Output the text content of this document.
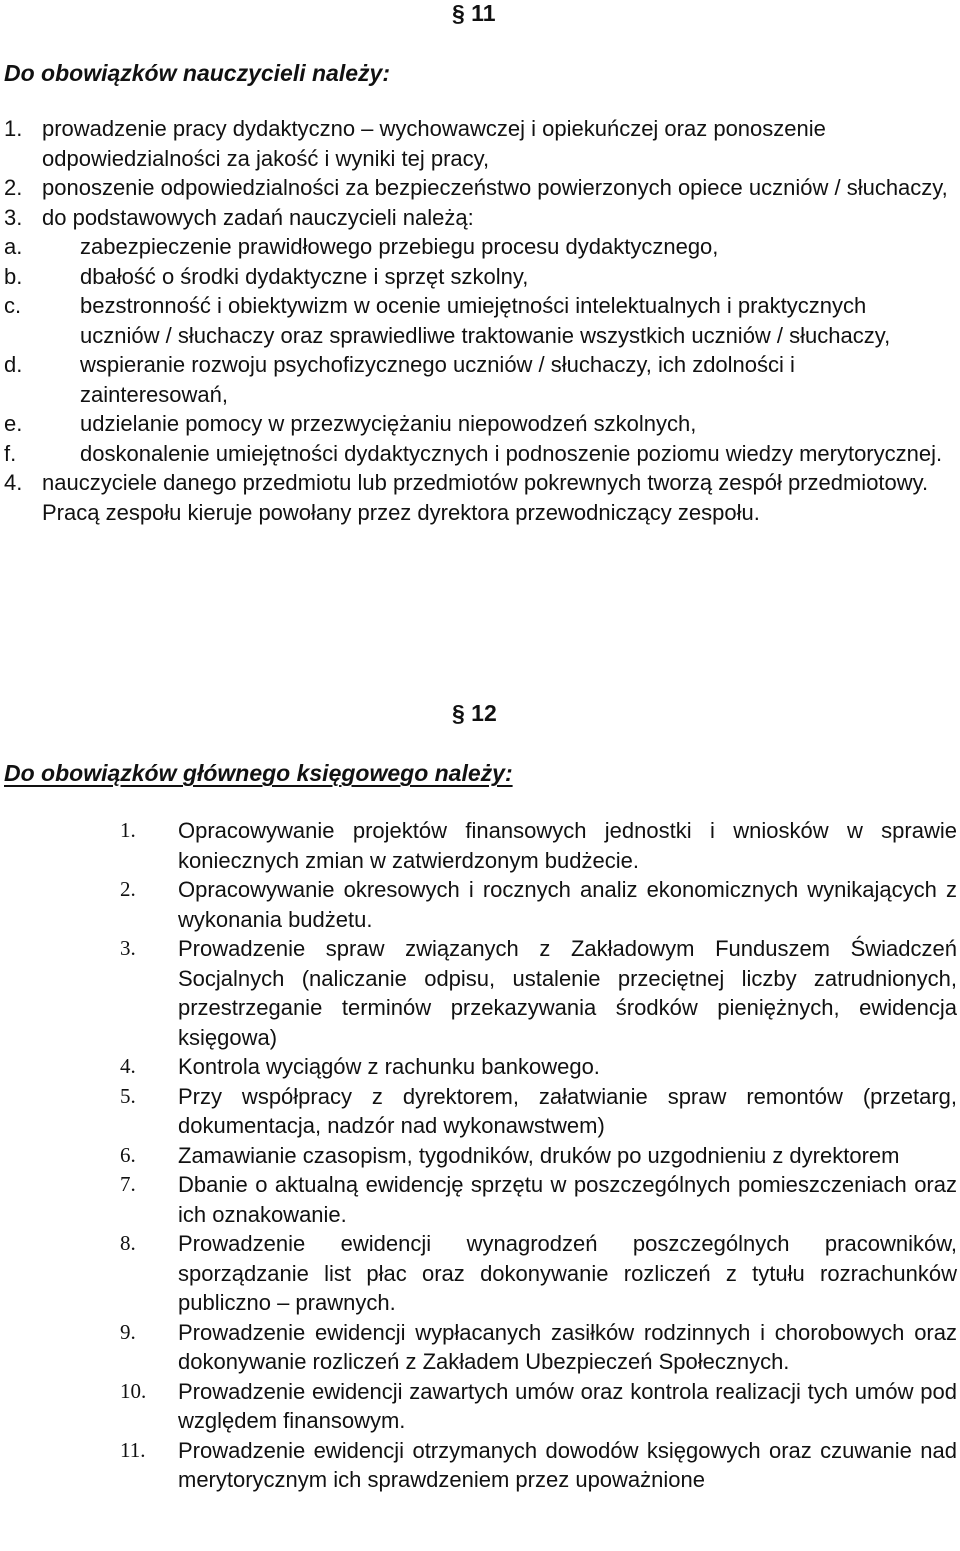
§ 11
Do obowiązków nauczycieli należy:
1. prowadzenie pracy dydaktyczno – wychowawczej i opiekuńczej oraz ponoszenie odpowiedzialności za jakość i wyniki tej pracy,
2. ponoszenie odpowiedzialności za bezpieczeństwo powierzonych opiece uczniów / słuchaczy,
3. do podstawowych zadań nauczycieli należą:
a.	zabezpieczenie prawidłowego przebiegu procesu dydaktycznego,
b.	dbałość o środki dydaktyczne i sprzęt szkolny,
c.	bezstronność i obiektywizm w ocenie umiejętności intelektualnych i praktycznych uczniów / słuchaczy oraz sprawiedliwe traktowanie wszystkich uczniów / słuchaczy,
d.	wspieranie rozwoju psychofizycznego uczniów / słuchaczy, ich zdolności i zainteresowań,
e.	udzielanie pomocy w przezwyciężaniu niepowodzeń szkolnych,
f.	doskonalenie umiejętności dydaktycznych i podnoszenie poziomu wiedzy merytorycznej.
4. nauczyciele danego przedmiotu lub przedmiotów pokrewnych tworzą zespół przedmiotowy. Pracą zespołu kieruje powołany przez dyrektora przewodniczący zespołu.
§ 12
Do obowiązków głównego księgowego należy:
1. Opracowywanie projektów finansowych jednostki i wniosków w sprawie koniecznych zmian w zatwierdzonym budżecie.
2. Opracowywanie okresowych i rocznych analiz ekonomicznych wynikających z wykonania budżetu.
3. Prowadzenie spraw związanych z Zakładowym Funduszem Świadczeń Socjalnych (naliczanie odpisu, ustalenie przeciętnej liczby zatrudnionych, przestrzeganie terminów przekazywania środków pieniężnych, ewidencja księgowa)
4. Kontrola wyciągów z rachunku bankowego.
5. Przy współpracy z dyrektorem, załatwianie spraw remontów (przetarg, dokumentacja, nadzór nad wykonawstwem)
6. Zamawianie czasopism, tygodników, druków po uzgodnieniu z dyrektorem
7. Dbanie o aktualną ewidencję sprzętu w poszczególnych pomieszczeniach oraz ich oznakowanie.
8. Prowadzenie ewidencji wynagrodzeń poszczególnych pracowników, sporządzanie list płac oraz dokonywanie rozliczeń z tytułu rozrachunków publiczno – prawnych.
9. Prowadzenie ewidencji wypłacanych zasiłków rodzinnych i chorobowych oraz dokonywanie rozliczeń z Zakładem Ubezpieczeń Społecznych.
10. Prowadzenie ewidencji zawartych umów oraz kontrola realizacji tych umów pod względem finansowym.
11. Prowadzenie ewidencji otrzymanych dowodów księgowych oraz czuwanie nad merytorycznym ich sprawdzeniem przez upoważnione
